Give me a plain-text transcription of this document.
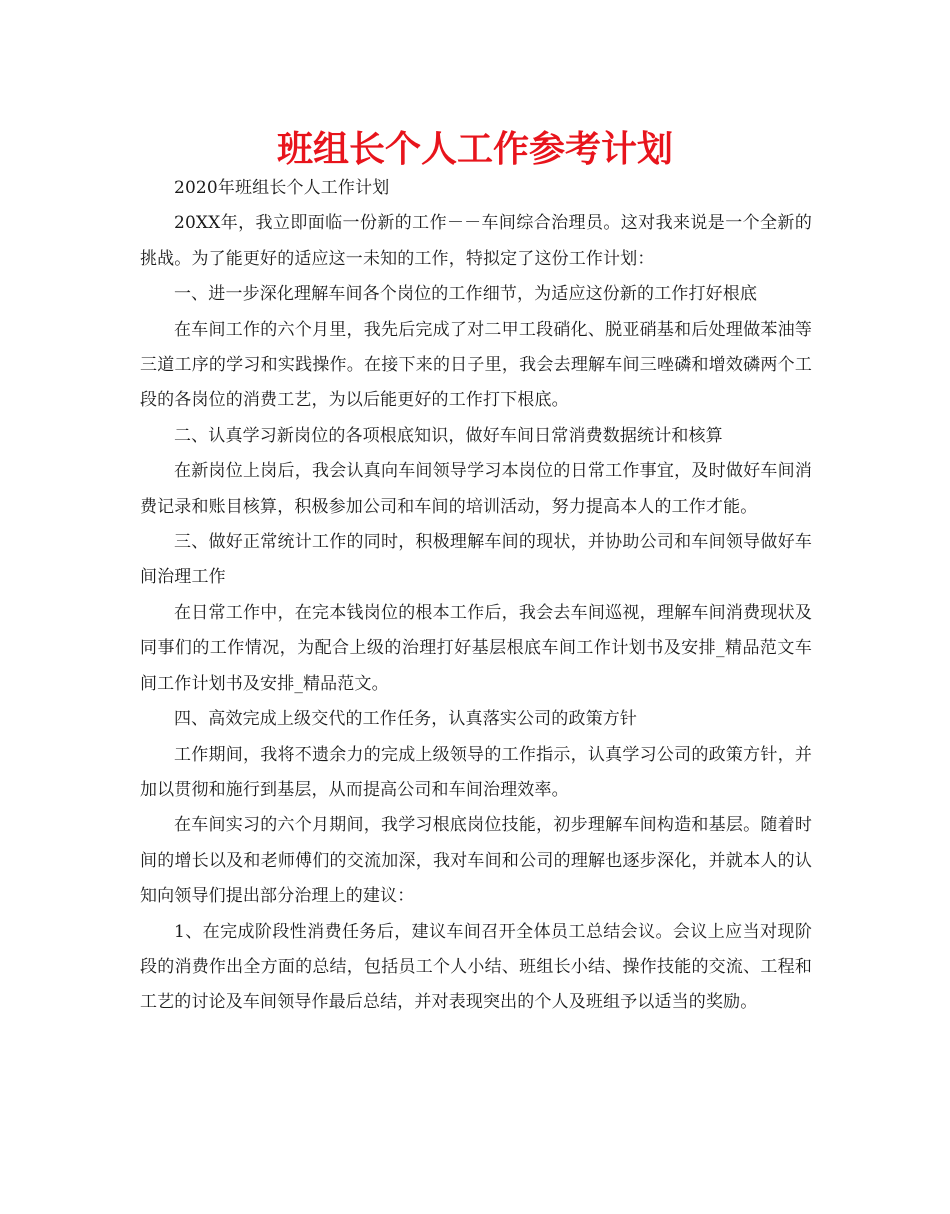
班组长个人工作参考计划

2020年班组长个人工作计划

20XX年，我立即面临一份新的工作－－车间综合治理员。这对我来说是一个全新的挑战。为了能更好的适应这一未知的工作，特拟定了这份工作计划：

一、进一步深化理解车间各个岗位的工作细节，为适应这份新的工作打好根底

在车间工作的六个月里，我先后完成了对二甲工段硝化、脱亚硝基和后处理做苯油等三道工序的学习和实践操作。在接下来的日子里，我会去理解车间三唑磷和增效磷两个工段的各岗位的消费工艺，为以后能更好的工作打下根底。

二、认真学习新岗位的各项根底知识，做好车间日常消费数据统计和核算

在新岗位上岗后，我会认真向车间领导学习本岗位的日常工作事宜，及时做好车间消费记录和账目核算，积极参加公司和车间的培训活动，努力提高本人的工作才能。

三、做好正常统计工作的同时，积极理解车间的现状，并协助公司和车间领导做好车间治理工作

在日常工作中，在完本钱岗位的根本工作后，我会去车间巡视，理解车间消费现状及同事们的工作情况，为配合上级的治理打好基层根底车间工作计划书及安排_精品范文车间工作计划书及安排_精品范文。

四、高效完成上级交代的工作任务，认真落实公司的政策方针

工作期间，我将不遗余力的完成上级领导的工作指示，认真学习公司的政策方针，并加以贯彻和施行到基层，从而提高公司和车间治理效率。

在车间实习的六个月期间，我学习根底岗位技能，初步理解车间构造和基层。随着时间的增长以及和老师傅们的交流加深，我对车间和公司的理解也逐步深化，并就本人的认知向领导们提出部分治理上的建议：

1、在完成阶段性消费任务后，建议车间召开全体员工总结会议。会议上应当对现阶段的消费作出全方面的总结，包括员工个人小结、班组长小结、操作技能的交流、工程和工艺的讨论及车间领导作最后总结，并对表现突出的个人及班组予以适当的奖励。
